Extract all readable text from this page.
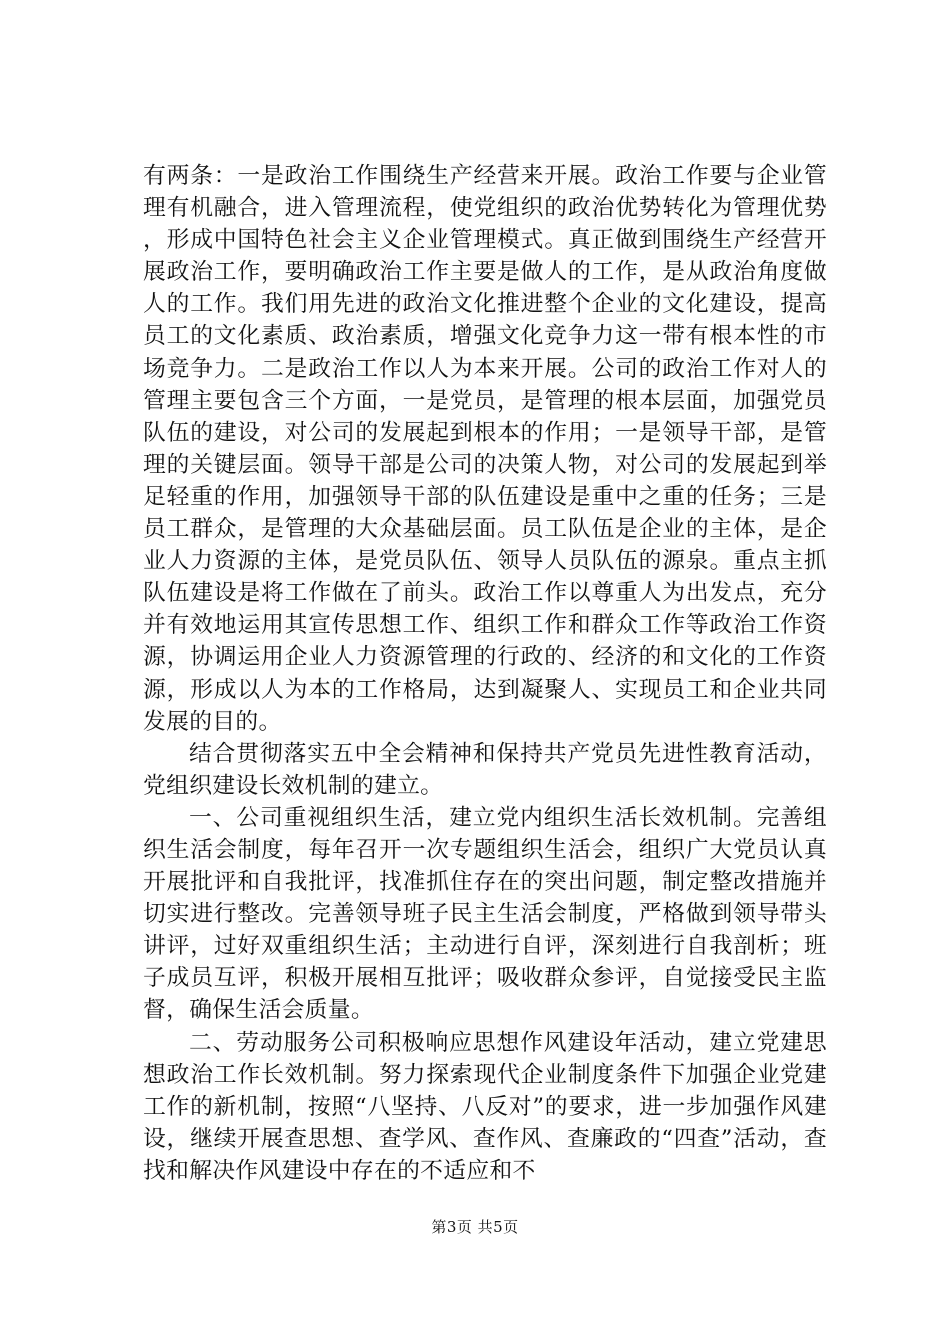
有两条：一是政治工作围绕生产经营来开展。政治工作要与企业管理有机融合，进入管理流程，使党组织的政治优势转化为管理优势，形成中国特色社会主义企业管理模式。真正做到围绕生产经营开展政治工作，要明确政治工作主要是做人的工作，是从政治角度做人的工作。我们用先进的政治文化推进整个企业的文化建设，提高员工的文化素质、政治素质，增强文化竞争力这一带有根本性的市场竞争力。二是政治工作以人为本来开展。公司的政治工作对人的管理主要包含三个方面，一是党员，是管理的根本层面，加强党员队伍的建设，对公司的发展起到根本的作用；一是领导干部，是管理的关键层面。领导干部是公司的决策人物，对公司的发展起到举足轻重的作用，加强领导干部的队伍建设是重中之重的任务；三是员工群众，是管理的大众基础层面。员工队伍是企业的主体，是企业人力资源的主体，是党员队伍、领导人员队伍的源泉。重点主抓队伍建设是将工作做在了前头。政治工作以尊重人为出发点，充分并有效地运用其宣传思想工作、组织工作和群众工作等政治工作资源，协调运用企业人力资源管理的行政的、经济的和文化的工作资源，形成以人为本的工作格局，达到凝聚人、实现员工和企业共同发展的目的。

结合贯彻落实五中全会精神和保持共产党员先进性教育活动，党组织建设长效机制的建立。

一、公司重视组织生活，建立党内组织生活长效机制。完善组织生活会制度，每年召开一次专题组织生活会，组织广大党员认真开展批评和自我批评，找准抓住存在的突出问题，制定整改措施并切实进行整改。完善领导班子民主生活会制度，严格做到领导带头讲评，过好双重组织生活；主动进行自评，深刻进行自我剖析；班子成员互评，积极开展相互批评；吸收群众参评，自觉接受民主监督，确保生活会质量。

二、劳动服务公司积极响应思想作风建设年活动，建立党建思想政治工作长效机制。努力探索现代企业制度条件下加强企业党建工作的新机制，按照“八坚持、八反对”的要求，进一步加强作风建设，继续开展查思想、查学风、查作风、查廉政的“四查”活动，查找和解决作风建设中存在的不适应和不

第3页 共5页
